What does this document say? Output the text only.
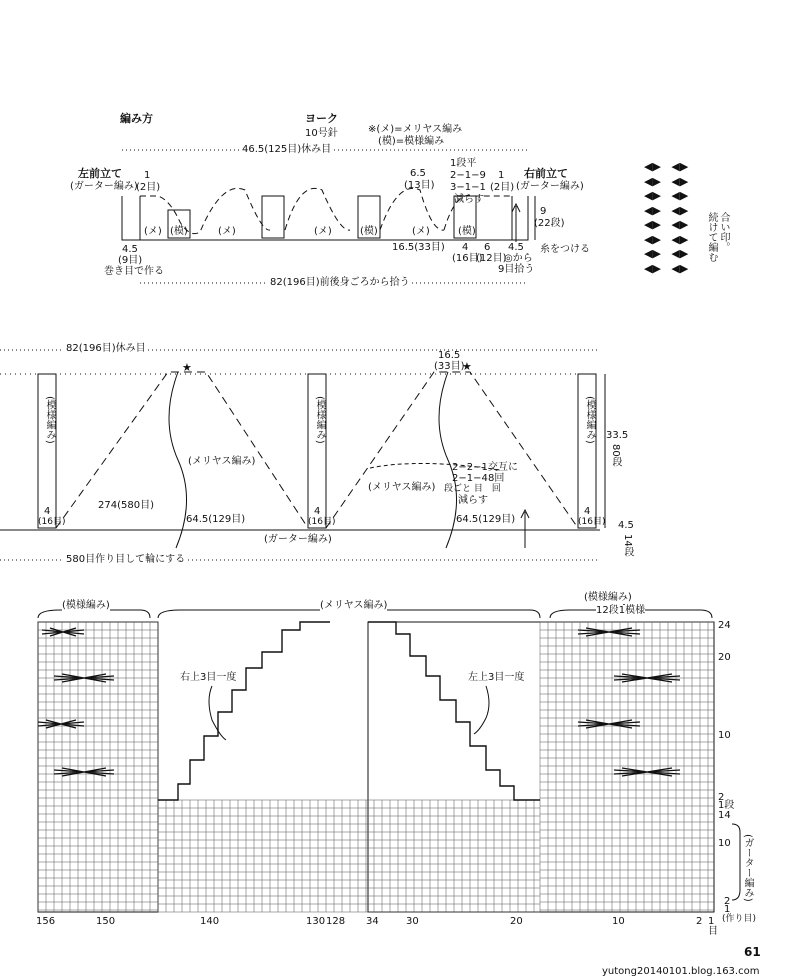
編み方	ヨーク
10号針	※(メ)=メリヤス編み
(模)=模様編み
46.5(125目)休み目
左前立て
(ガーター編み)
右前立て
(ガーター編み)
1
(2目)
1
(2目)
6.5
(13目)
1段平
2−1−9
3−1−1
減らす
9
(22段)
(メ) (模)	(メ)	(メ)	(模)	(メ)	(模)
4.5
(9目)
巻き目で作る
16.5(33目) 4
(16目)
6
(12目)
4.5
◎から
9目拾う
糸をつける
82(196目)前後身ごろから拾う
◀▶   ◀▶
◀▶   ◀▶
◀▶   ◀▶
◀▶   ◀▶
◀▶   ◀▶
◀▶   ◀▶
◀▶   ◀▶
◀▶   ◀▶
合い印。
続けて編む
82(196目)休み目
16.5
(33目)
★	★
(模様編み)	(模様編み)	(模様編み)
(メリヤス編み)
(メリヤス編み)
2−2−1
2−1−4
交互に
8回
段ごと 目　回
減らす
274(580目)
64.5(129目)	64.5(129目)
4
(16目)
4
(16目)
4
(16目)
(ガーター編み)
33.5
80段
4.5
14段
580目作り目して輪にする
(模様編み)	(メリヤス編み)
(模様編み)
12段1模様
右上3目一度	左上3目一度
(ガーター編み)
24
20
10
2
1段
14
10
2
1
(作り目)
156	150	140	130 128 34	30	20	10	2 1
目
61
yutong20140101.blog.163.com
